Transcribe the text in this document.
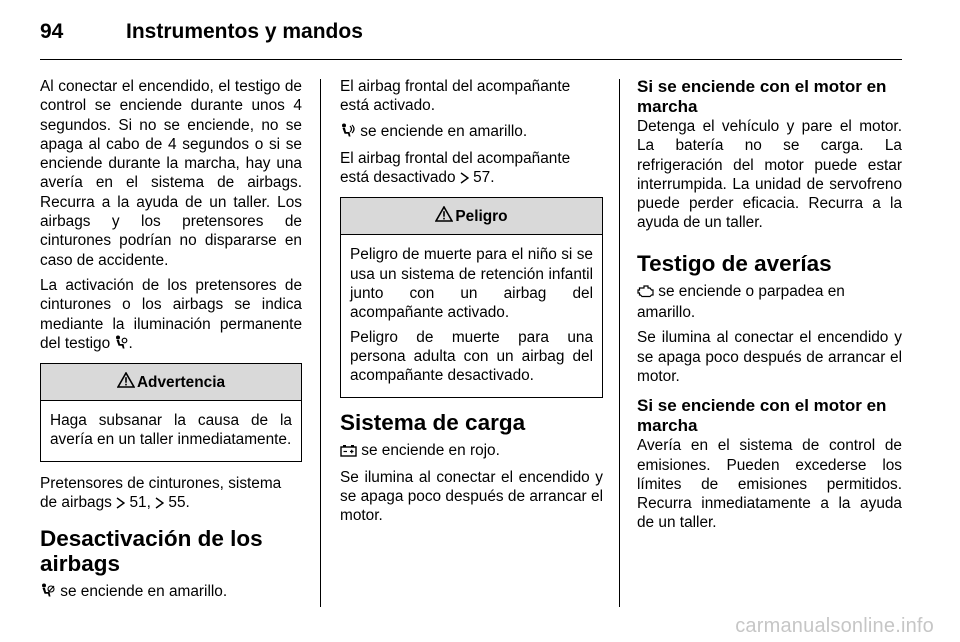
94	Instrumentos y mandos

Al conectar el encendido, el testigo de control se enciende durante unos 4 segundos. Si no se enciende, no se apaga al cabo de 4 segundos o si se enciende durante la marcha, hay una avería en el sistema de airbags. Recurra a la ayuda de un taller. Los airbags y los pretensores de cinturones podrían no dispararse en caso de accidente.

La activación de los pretensores de cinturones o los airbags se indica mediante la iluminación permanente del testigo .

Advertencia

Haga subsanar la causa de la avería en un taller inmediatamente.

Pretensores de cinturones, sistema de airbags 51, 55.

Desactivación de los airbags

se enciende en amarillo.

El airbag frontal del acompañante está activado.

se enciende en amarillo.

El airbag frontal del acompañante está desactivado 57.

Peligro

Peligro de muerte para el niño si se usa un sistema de retención infantil junto con un airbag del acompañante activado.

Peligro de muerte para una persona adulta con un airbag del acompañante desactivado.

Sistema de carga

se enciende en rojo.

Se ilumina al conectar el encendido y se apaga poco después de arrancar el motor.

Si se enciende con el motor en marcha

Detenga el vehículo y pare el motor. La batería no se carga. La refrigeración del motor puede estar interrumpida. La unidad de servofreno puede perder eficacia. Recurra a la ayuda de un taller.

Testigo de averías

se enciende o parpadea en amarillo.

Se ilumina al conectar el encendido y se apaga poco después de arrancar el motor.

Si se enciende con el motor en marcha

Avería en el sistema de control de emisiones. Pueden excederse los límites de emisiones permitidos. Recurra inmediatamente a la ayuda de un taller.

carmanualsonline.info
